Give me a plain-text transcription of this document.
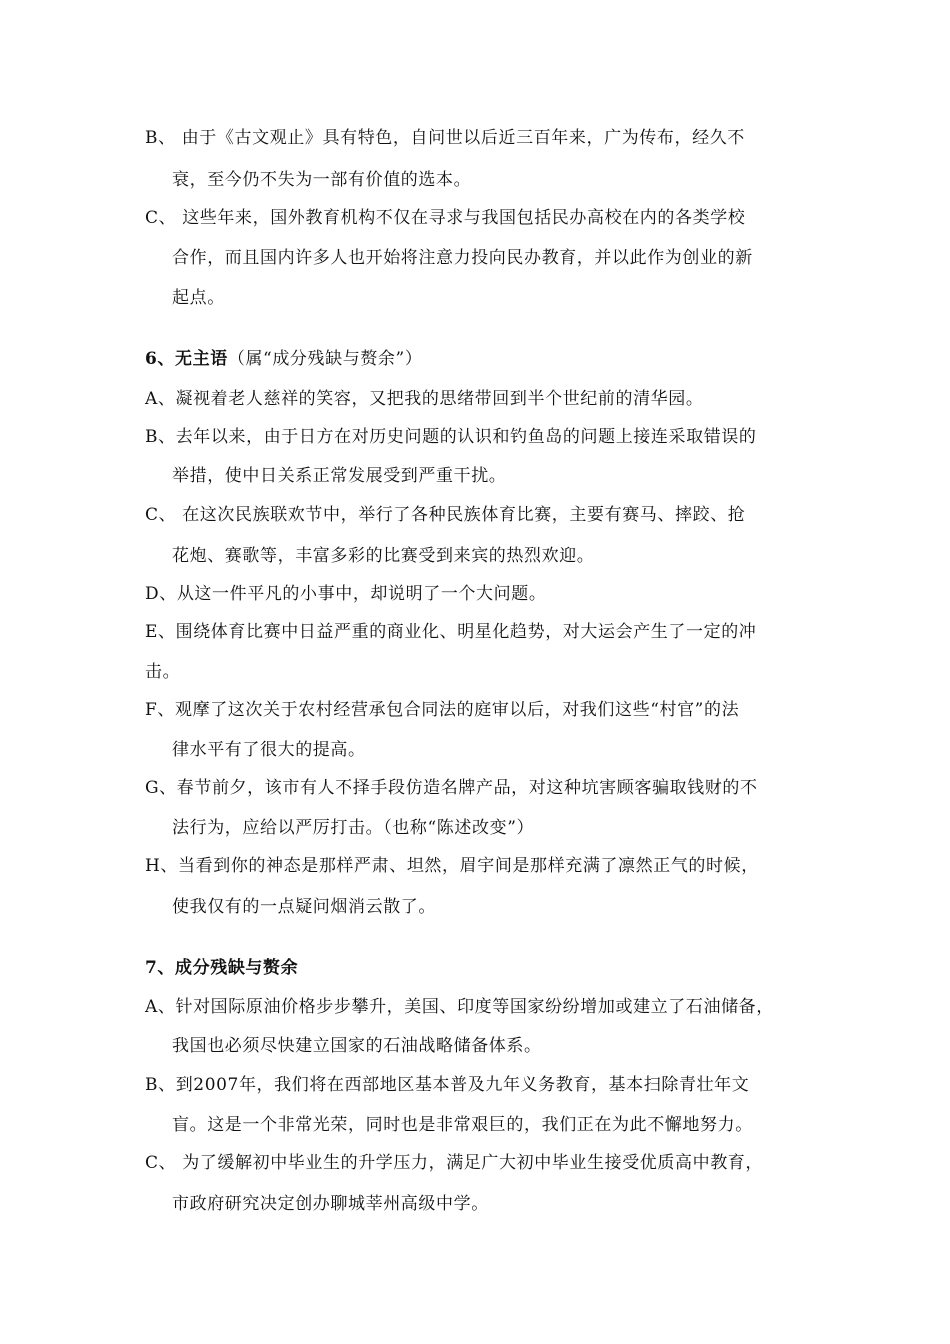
B、 由于《古文观止》具有特色，自问世以后近三百年来，广为传布，经久不
衰，至今仍不失为一部有价值的选本。
C、 这些年来，国外教育机构不仅在寻求与我国包括民办高校在内的各类学校
合作，而且国内许多人也开始将注意力投向民办教育，并以此作为创业的新
起点。
6、无主语（属“成分残缺与赘余”）
A、凝视着老人慈祥的笑容，又把我的思绪带回到半个世纪前的清华园。
B、去年以来，由于日方在对历史问题的认识和钓鱼岛的问题上接连采取错误的
举措，使中日关系正常发展受到严重干扰。
C、 在这次民族联欢节中，举行了各种民族体育比赛，主要有赛马、摔跤、抢
花炮、赛歌等，丰富多彩的比赛受到来宾的热烈欢迎。
D、从这一件平凡的小事中，却说明了一个大问题。
E、围绕体育比赛中日益严重的商业化、明星化趋势，对大运会产生了一定的冲
击。
F、观摩了这次关于农村经营承包合同法的庭审以后，对我们这些“村官”的法
律水平有了很大的提高。
G、春节前夕，该市有人不择手段仿造名牌产品，对这种坑害顾客骗取钱财的不
法行为，应给以严厉打击。（也称“陈述改变”）
H、当看到你的神态是那样严肃、坦然，眉宇间是那样充满了凛然正气的时候，
使我仅有的一点疑问烟消云散了。
7、成分残缺与赘余
A、针对国际原油价格步步攀升，美国、印度等国家纷纷增加或建立了石油储备，
我国也必须尽快建立国家的石油战略储备体系。
B、到2007年，我们将在西部地区基本普及九年义务教育，基本扫除青壮年文
盲。这是一个非常光荣，同时也是非常艰巨的，我们正在为此不懈地努力。
C、 为了缓解初中毕业生的升学压力，满足广大初中毕业生接受优质高中教育，
市政府研究决定创办聊城莘州高级中学。
